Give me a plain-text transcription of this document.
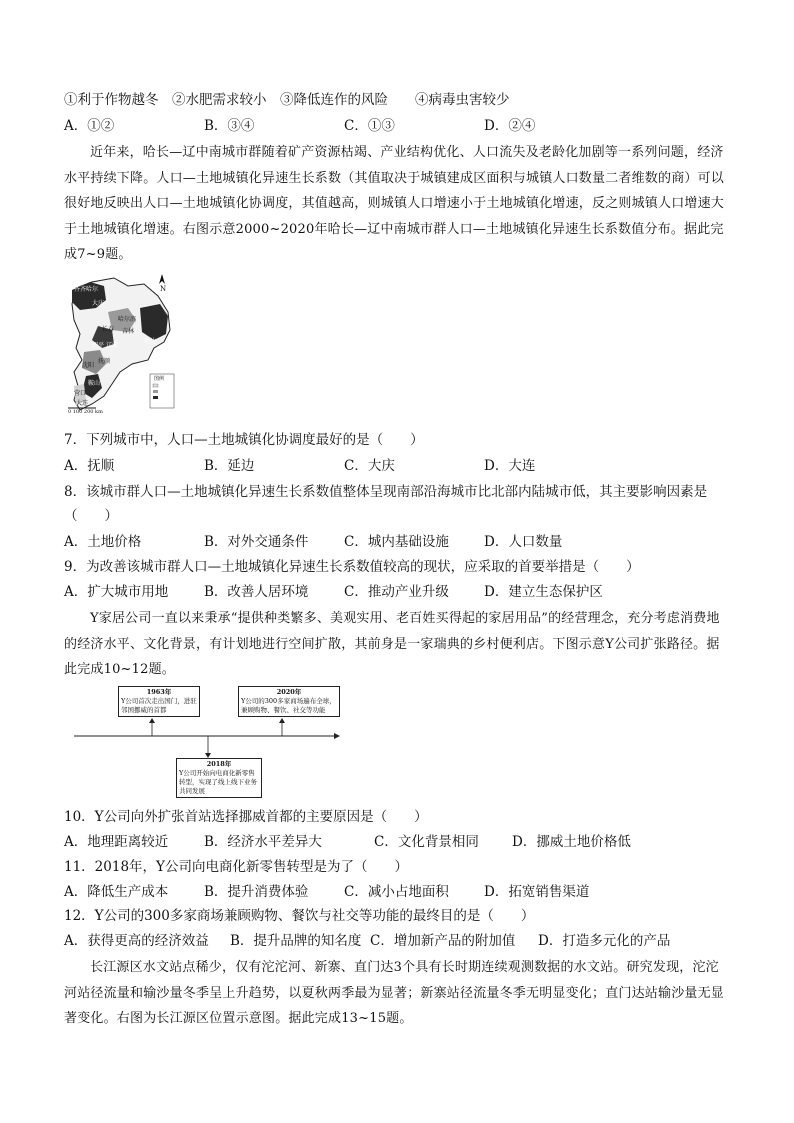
①利于作物越冬　②水肥需求较小　③降低连作的风险　　④病毒虫害较少
A．①②	B．③④	C．①③	D．②④
近年来，哈长—辽中南城市群随着矿产资源枯竭、产业结构优化、人口流失及老龄化加剧等一系列问题，经济水平持续下降。人口—土地城镇化异速生长系数（其值取决于城镇建成区面积与城镇人口数量二者维数的商）可以很好地反映出人口—土地城镇化协调度，其值越高，则城镇人口增速小于土地城镇化增速，反之则城镇人口增速大于土地城镇化增速。右图示意2000~2020年哈长—辽中南城市群人口—土地城镇化异速生长系数值分布。据此完成7~9题。
齐齐哈尔
大庆
哈尔滨
长春 吉林
延边
四平 辽源
抚顺
沈阳
鞍山
营口
大连
N
0 100 200 km
图例
7．下列城市中，人口—土地城镇化协调度最好的是（　　）
A．抚顺	B．延边	C．大庆	D．大连
8．该城市群人口—土地城镇化异速生长系数值整体呈现南部沿海城市比北部内陆城市低，其主要影响因素是
（　　）
A．土地价格	B．对外交通条件	C．城内基础设施	D．人口数量
9．为改善该城市群人口—土地城镇化异速生长系数值较高的现状，应采取的首要举措是（　　）
A．扩大城市用地	B．改善人居环境	C．推动产业升级	D．建立生态保护区
Y家居公司一直以来秉承“提供种类繁多、美观实用、老百姓买得起的家居用品”的经营理念，充分考虑消费地的经济水平、文化背景，有计划地进行空间扩散，其前身是一家瑞典的乡村便利店。下图示意Y公司扩张路径。据此完成10~12题。
1963年
Y公司首次走出国门，进驻邻国挪威的首都
2020年
Y公司的300多家商场遍布全球，兼顾购物、餐饮、社交等功能
2018年
Y公司开始向电商化新零售转型，实现了线上线下业务共同发展
10．Y公司向外扩张首站选择挪威首都的主要原因是（　　）
A．地理距离较近	B．经济水平差异大	C．文化背景相同 D．挪威土地价格低
11．2018年，Y公司向电商化新零售转型是为了（　　）
A．降低生产成本	B．提升消费体验	C．减小占地面积	D．拓宽销售渠道
12．Y公司的300多家商场兼顾购物、餐饮与社交等功能的最终目的是（　　）
A．获得更高的经济效益 B．提升品牌的知名度 C．增加新产品的附加值 D．打造多元化的产品
长江源区水文站点稀少，仅有沱沱河、新寨、直门达3个具有长时期连续观测数据的水文站。研究发现，沱沱河站径流量和输沙量冬季呈上升趋势，以夏秋两季最为显著；新寨站径流量冬季无明显变化；直门达站输沙量无显著变化。右图为长江源区位置示意图。据此完成13~15题。
